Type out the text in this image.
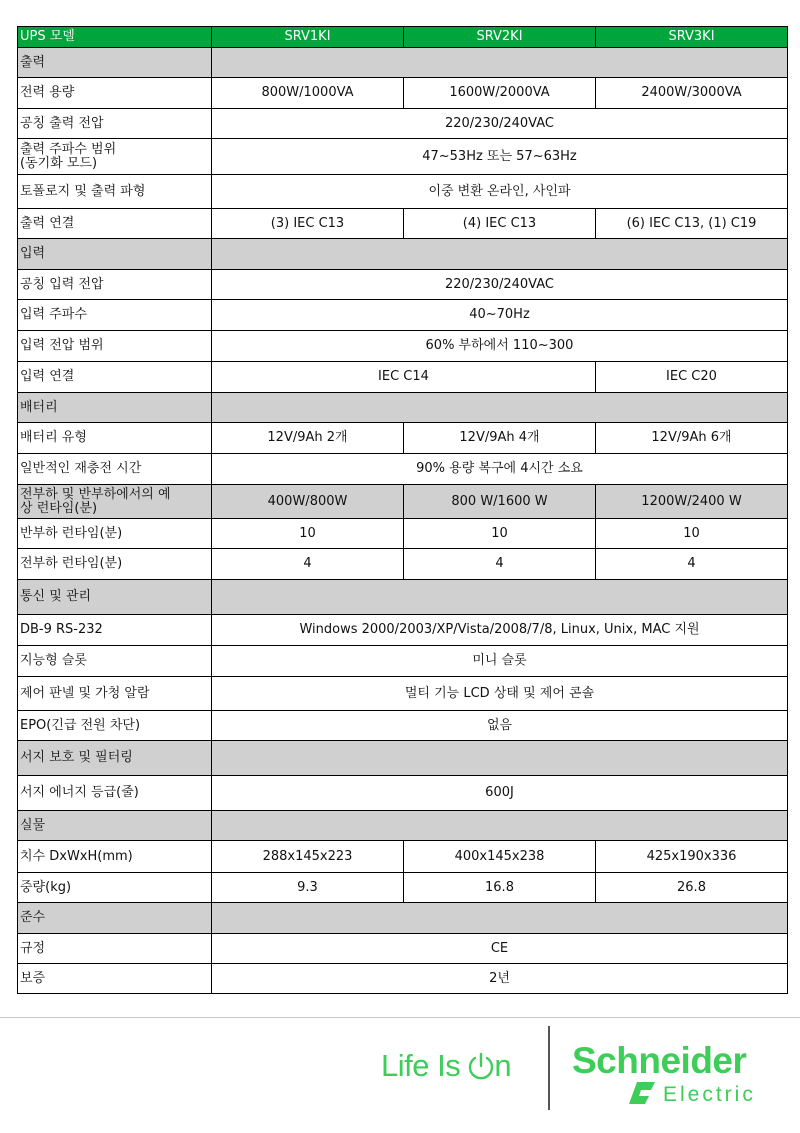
UPS 모델	SRV1KI	SRV2KI	SRV3KI
출력			
전력 용량	800W/1000VA	1600W/2000VA	2400W/3000VA
공칭 출력 전압	220/230/240VAC		
출력 주파수 범위
(동기화 모드)	47~53Hz 또는 57~63Hz		
토폴로지 및 출력 파형	이중 변환 온라인, 사인파		
출력 연결	(3) IEC C13	(4) IEC C13	(6) IEC C13, (1) C19
입력			
공칭 입력 전압	220/230/240VAC		
입력 주파수	40~70Hz		
입력 전압 범위	60% 부하에서 110~300		
입력 연결	IEC C14		IEC C20
배터리			
배터리 유형	12V/9Ah 2개	12V/9Ah 4개	12V/9Ah 6개
일반적인 재충전 시간	90% 용량 복구에 4시간 소요		
전부하 및 반부하에서의 예
상 런타임(분)	400W/800W	800 W/1600 W	1200W/2400 W
반부하 런타임(분)	10	10	10
전부하 런타임(분)	4	4	4
통신 및 관리			
DB-9 RS-232	Windows 2000/2003/XP/Vista/2008/7/8, Linux, Unix, MAC 지원		
지능형 슬롯	미니 슬롯		
제어 판넬 및 가청 알람	멀티 기능 LCD 상태 및 제어 콘솔		
EPO(긴급 전원 차단)	없음		
서지 보호 및 필터링			
서지 에너지 등급(줄)	600J		
실물			
치수 DxWxH(mm)	288x145x223	400x145x238	425x190x336
중량(kg)	9.3	16.8	26.8
준수			
규정	CE		
보증	2년		
Life Is n Schneider
Electric
